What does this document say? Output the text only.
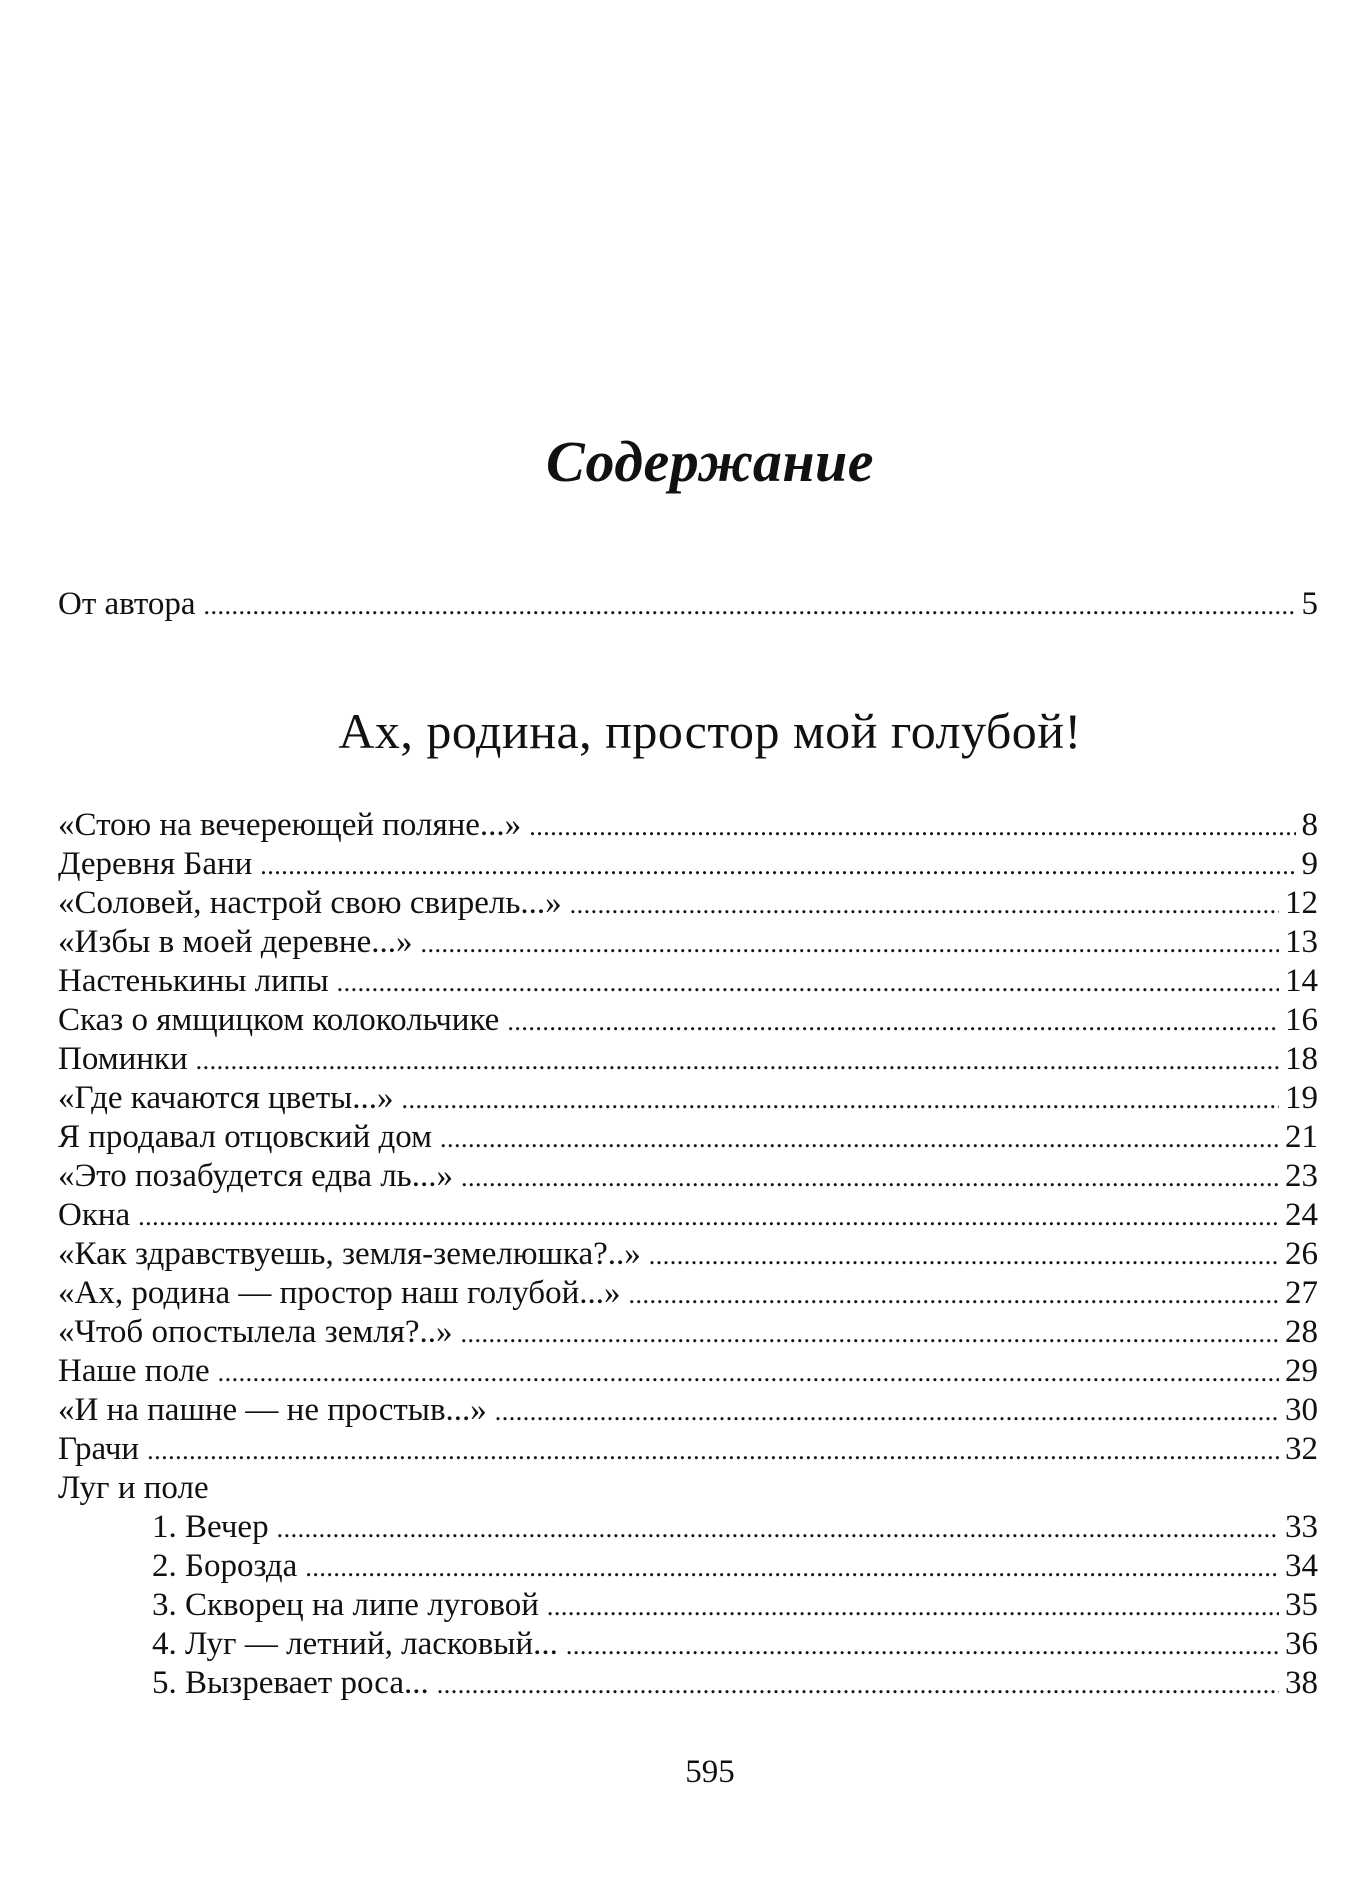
Содержание
От автора . . .	5
Ах, родина, простор мой голубой!
«Стою на вечереющей поляне...» . . .	8
Деревня Бани . . .	9
«Соловей, настрой свою свирель...» . . .	12
«Избы в моей деревне...» . . .	13
Настенькины липы . . .	14
Сказ о ямщицком колокольчике . . .	16
Поминки . . .	18
«Где качаются цветы...» . . .	19
Я продавал отцовский дом . . .	21
«Это позабудется едва ль...» . . .	23
Окна . . .	24
«Как здравствуешь, земля-земелюшка?..» . . .	26
«Ах, родина — простор наш голубой...» . . .	27
«Чтоб опостылела земля?..» . . .	28
Наше поле . . .	29
«И на пашне — не простыв...» . . .	30
Грачи . . .	32
Луг и поле
1. Вечер . . .	33
2. Борозда . . .	34
3. Скворец на липе луговой . . .	35
4. Луг — летний, ласковый... . . .	36
5. Вызревает роса... . . .	38
595
